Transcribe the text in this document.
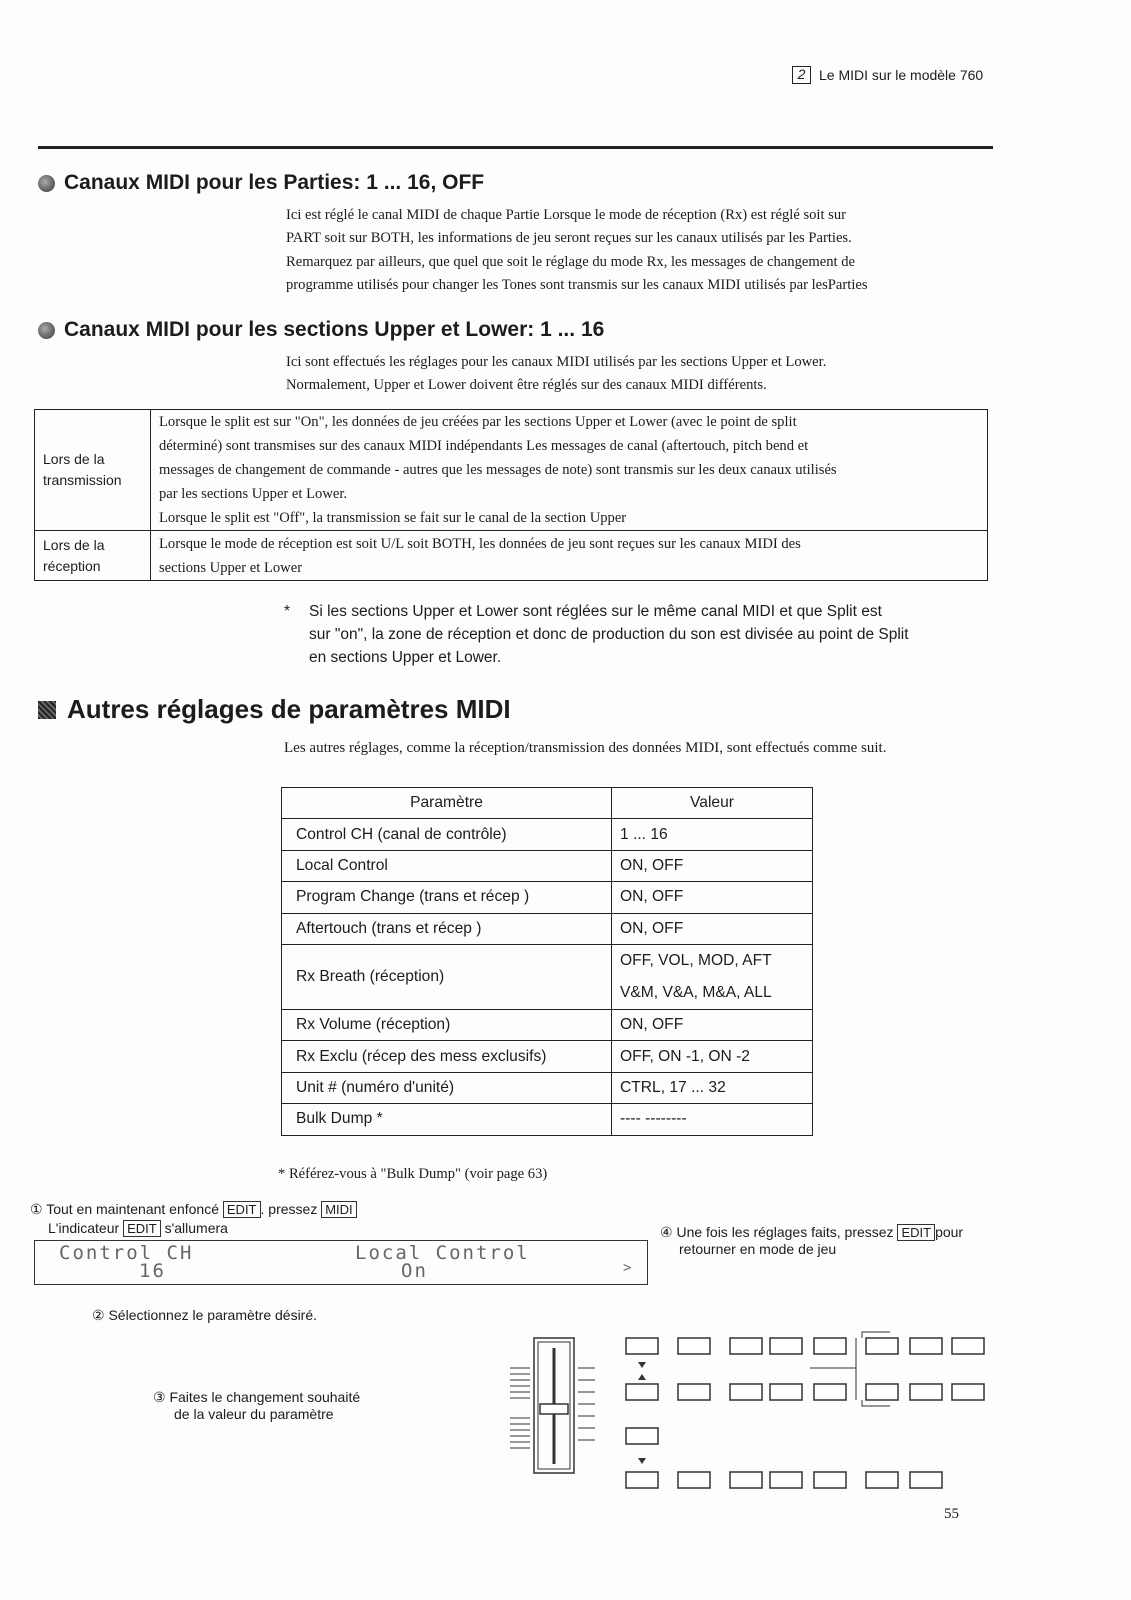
2 Le MIDI sur le modèle 760
Canaux MIDI pour les Parties: 1 ... 16, OFF
Ici est réglé le canal MIDI de chaque Partie Lorsque le mode de réception (Rx) est réglé soit sur
PART soit sur BOTH, les informations de jeu seront reçues sur les canaux utilisés par les Parties.
Remarquez par ailleurs, que quel que soit le réglage du mode Rx, les messages de changement de
programme utilisés pour changer les Tones sont transmis sur les canaux MIDI utilisés par lesParties
Canaux MIDI pour les sections Upper et Lower: 1 ... 16
Ici sont effectués les réglages pour les canaux MIDI utilisés par les sections Upper et Lower.
Normalement, Upper et Lower doivent être réglés sur des canaux MIDI différents.
Lors de la transmission	Lorsque le split est sur "On", les données de jeu créées par les sections Upper et Lower (avec le point de split
déterminé) sont transmises sur des canaux MIDI indépendants Les messages de canal (aftertouch, pitch bend et
messages de changement de commande - autres que les messages de note) sont transmis sur les deux canaux utilisés
par les sections Upper et Lower.
Lorsque le split est "Off", la transmission se fait sur le canal de la section Upper

Lors de la réception	Lorsque le mode de réception est soit U/L soit BOTH, les données de jeu sont reçues sur les canaux MIDI des
sections Upper et Lower
*	Si les sections Upper et Lower sont réglées sur le même canal MIDI et que Split est
sur "on", la zone de réception et donc de production du son est divisée au point de Split
en sections Upper et Lower.
Autres réglages de paramètres MIDI
Les autres réglages, comme la réception/transmission des données MIDI, sont effectués comme suit.
Paramètre	Valeur
Control CH (canal de contrôle)	1 ... 16
Local Control	ON, OFF
Program Change (trans et récep )	ON, OFF
Aftertouch (trans et récep )	ON, OFF
Rx Breath (réception)	OFF, VOL, MOD, AFT
V&M, V&A, M&A, ALL

Rx Volume (réception)	ON, OFF
Rx Exclu (récep des mess exclusifs)	OFF, ON -1, ON -2
Unit # (numéro d'unité)	CTRL, 17 ... 32
Bulk Dump *	---- --------
* Référez-vous à "Bulk Dump" (voir page 63)
① Tout en maintenant enfoncé EDIT . pressez MIDI
L'indicateur EDIT s'allumera	④ Une fois les réglages faits, pressez EDIT pour
retourner en mode de jeu
Control CH	Local Control
16	On	>
② Sélectionnez le paramètre désiré.
③ Faites le changement souhaité
de la valeur du paramètre
55
